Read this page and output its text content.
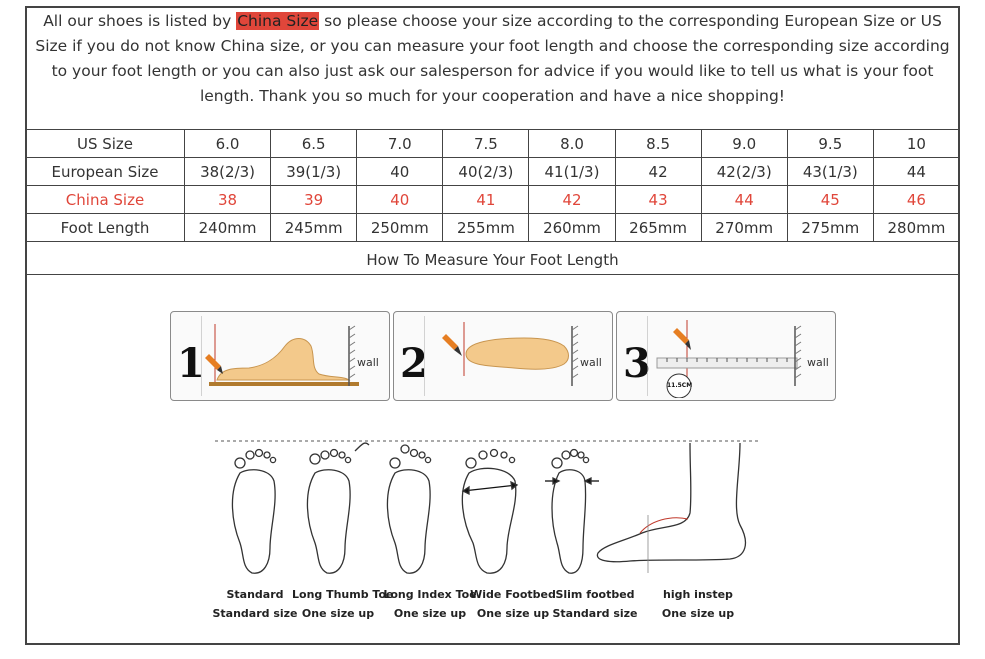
All our shoes is listed by China Size so please choose your size according to the corresponding European Size or US Size if you do not know China size, or you can measure your foot length and choose the corresponding size according to your foot length or you can also just ask our salesperson for advice if you would like to tell us what is your foot length. Thank you so much for your cooperation and have a nice shopping!
US Size	6.0	6.5	7.0	7.5	8.0	8.5	9.0	9.5	10
European Size	38(2/3)	39(1/3)	40	40(2/3)	41(1/3)	42	42(2/3)	43(1/3)	44
China Size	38	39	40	41	42	43	44	45	46
Foot Length	240mm	245mm	250mm	255mm	260mm	265mm	270mm	275mm	280mm
How To Measure Your Foot Length
1	wall 2	wall 3	11.5CM
wall
Standard
Standard size
Long Thumb Toe
One size up
Long Index Toe
One size up
Wide Footbed
One size up
Slim footbed
Standard size
high instep
One size up
